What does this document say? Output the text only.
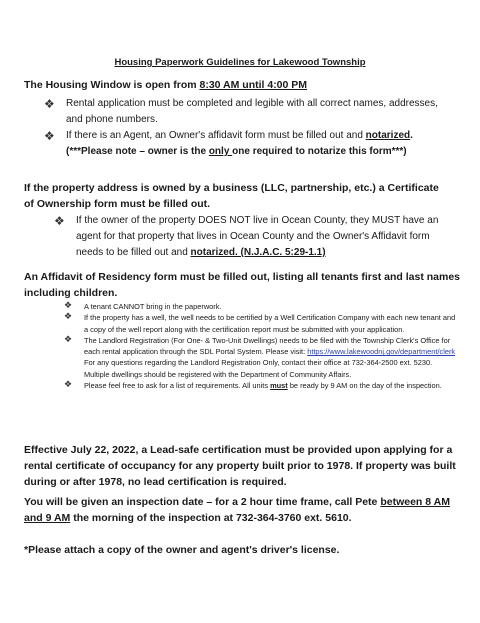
Housing Paperwork Guidelines for Lakewood Township

The Housing Window is open from 8:30 AM until 4:00 PM

❖ Rental application must be completed and legible with all correct names, addresses, and phone numbers.
❖ If there is an Agent, an Owner's affidavit form must be filled out and notarized. (***Please note – owner is the only one required to notarize this form***)

If the property address is owned by a business (LLC, partnership, etc.) a Certificate of Ownership form must be filled out.

❖ If the owner of the property DOES NOT live in Ocean County, they MUST have an agent for that property that lives in Ocean County and the Owner's Affidavit form needs to be filled out and notarized. (N.J.A.C. 5:29-1.1)

An Affidavit of Residency form must be filled out, listing all tenants first and last names including children.

❖ A tenant CANNOT bring in the paperwork.
❖ If the property has a well, the well needs to be certified by a Well Certification Company with each new tenant and a copy of the well report along with the certification report must be submitted with your application.
❖ The Landlord Registration (For One- & Two-Unit Dwellings) needs to be filed with the Township Clerk's Office for each rental application through the SDL Portal System. Please visit: https://www.lakewoodnj.gov/department/clerk For any questions regarding the Landlord Registration Only, contact their office at 732-364-2500 ext. 5230. Multiple dwellings should be registered with the Department of Community Affairs.
❖ Please feel free to ask for a list of requirements. All units must be ready by 9 AM on the day of the inspection.

Effective July 22, 2022, a Lead-safe certification must be provided upon applying for a rental certificate of occupancy for any property built prior to 1978. If property was built during or after 1978, no lead certification is required.

You will be given an inspection date – for a 2 hour time frame, call Pete between 8 AM and 9 AM the morning of the inspection at 732-364-3760 ext. 5610.

*Please attach a copy of the owner and agent's driver's license.
